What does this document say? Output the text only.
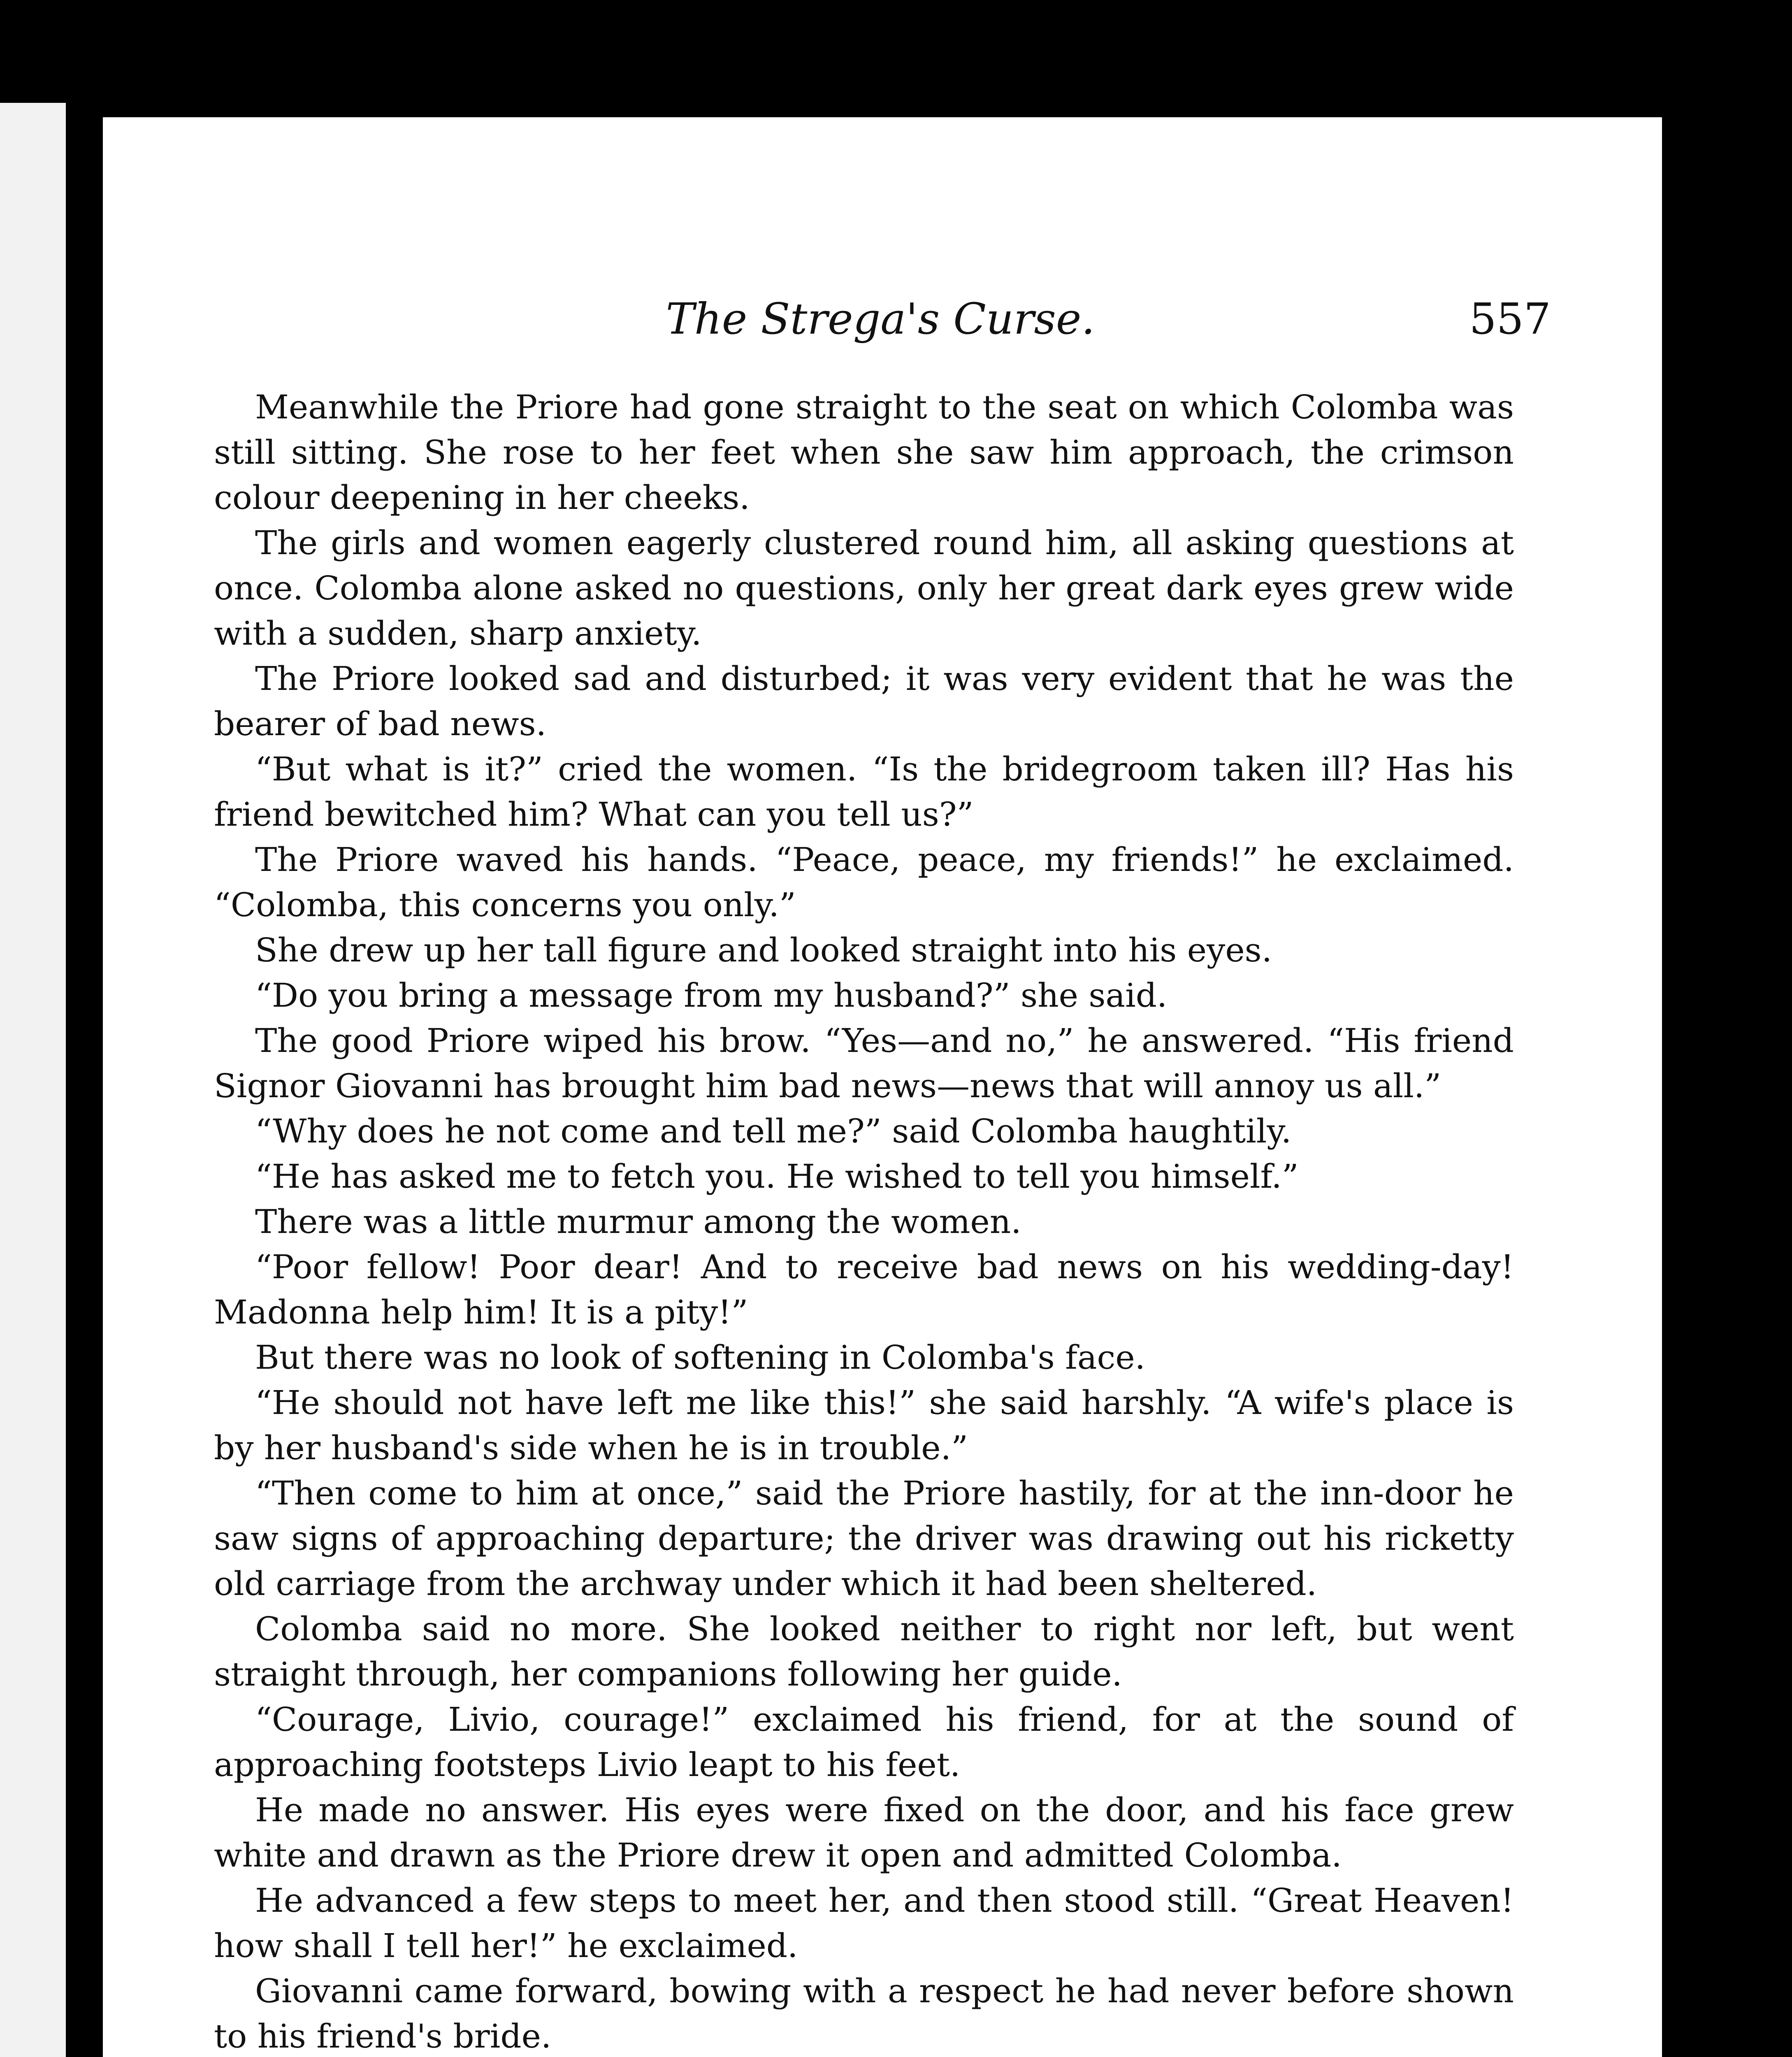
The Strega's Curse.	557

Meanwhile the Priore had gone straight to the seat on which Colomba was still sitting. She rose to her feet when she saw him approach, the crimson colour deepening in her cheeks.

The girls and women eagerly clustered round him, all asking questions at once. Colomba alone asked no questions, only her great dark eyes grew wide with a sudden, sharp anxiety.

The Priore looked sad and disturbed; it was very evident that he was the bearer of bad news.

“But what is it?” cried the women. “Is the bridegroom taken ill? Has his friend bewitched him? What can you tell us?”

The Priore waved his hands. “Peace, peace, my friends!” he exclaimed. “Colomba, this concerns you only.”

She drew up her tall figure and looked straight into his eyes.

“Do you bring a message from my husband?” she said.

The good Priore wiped his brow. “Yes—and no,” he answered. “His friend Signor Giovanni has brought him bad news—news that will annoy us all.”

“Why does he not come and tell me?” said Colomba haughtily.

“He has asked me to fetch you. He wished to tell you himself.”

There was a little murmur among the women.

“Poor fellow! Poor dear! And to receive bad news on his wedding-day! Madonna help him! It is a pity!”

But there was no look of softening in Colomba's face.

“He should not have left me like this!” she said harshly. “A wife's place is by her husband's side when he is in trouble.”

“Then come to him at once,” said the Priore hastily, for at the inn-door he saw signs of approaching departure; the driver was drawing out his ricketty old carriage from the archway under which it had been sheltered.

Colomba said no more. She looked neither to right nor left, but went straight through, her companions following her guide.

“Courage, Livio, courage!” exclaimed his friend, for at the sound of approaching footsteps Livio leapt to his feet.

He made no answer. His eyes were fixed on the door, and his face grew white and drawn as the Priore drew it open and admitted Colomba.

He advanced a few steps to meet her, and then stood still. “Great Heaven! how shall I tell her!” he exclaimed.

Giovanni came forward, bowing with a respect he had never before shown to his friend's bride.
